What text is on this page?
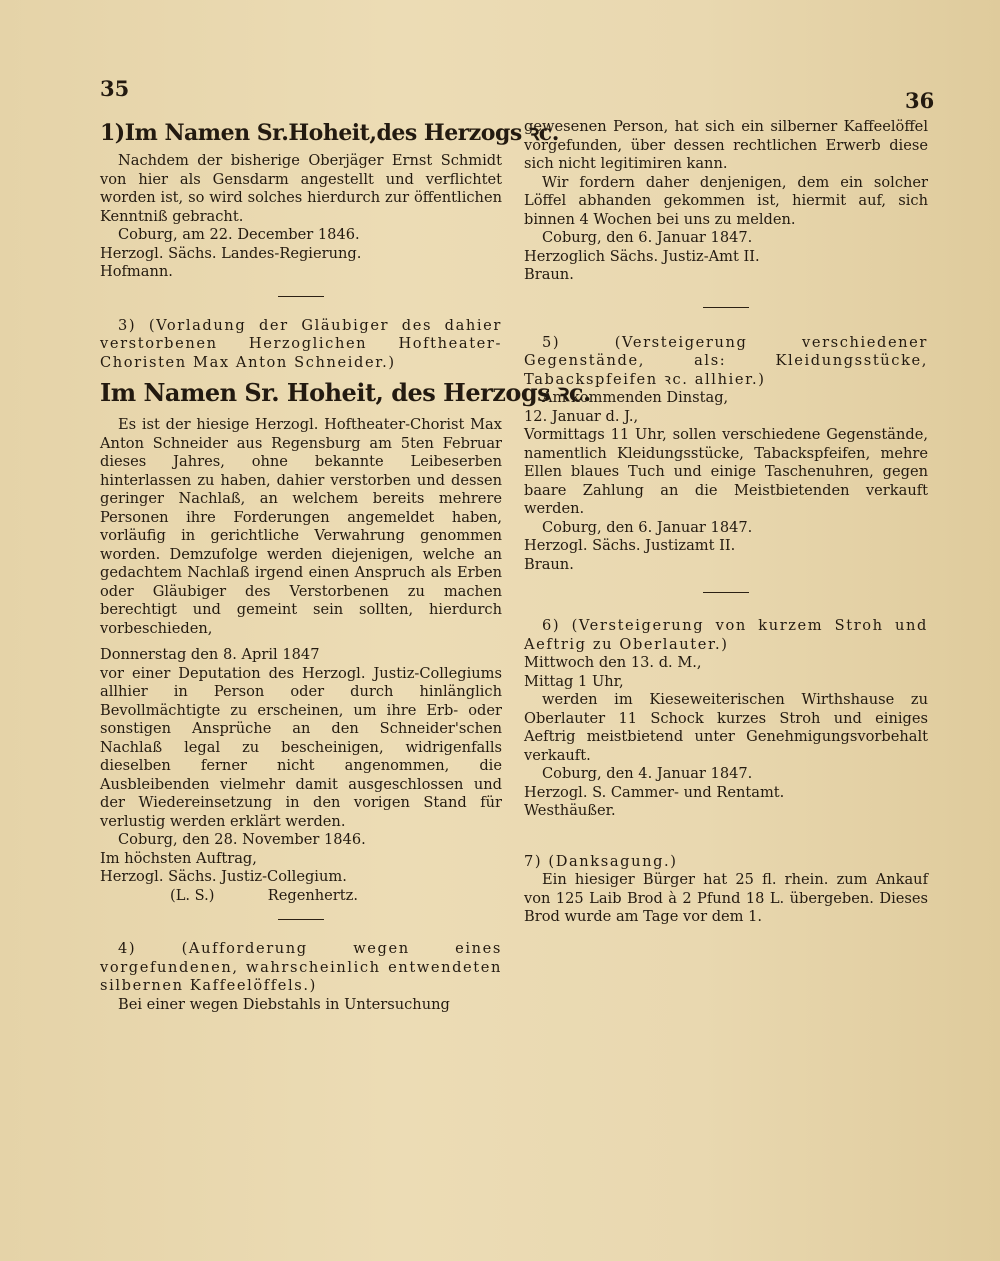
35	36
1)Im Namen Sr.Hoheit,des Herzogs ꝛc.

Nachdem der bisherige Oberjäger Ernst Schmidt von hier als Gensdarm angestellt und verflichtet worden ist, so wird solches hierdurch zur öffentlichen Kenntniß gebracht.

Coburg, am 22. December 1846.

Herzogl. Sächs. Landes-Regierung.

Hofmann.

3) (Vorladung der Gläubiger des dahier verstorbenen Herzoglichen Hoftheater-Choristen Max Anton Schneider.)

Im Namen Sr. Hoheit, des Herzogs ꝛc.

Es ist der hiesige Herzogl. Hoftheater-Chorist Max Anton Schneider aus Regensburg am 5ten Februar dieses Jahres, ohne bekannte Leibeserben hinterlassen zu haben, dahier verstorben und dessen geringer Nachlaß, an welchem bereits mehrere Personen ihre Forderungen angemeldet haben, vorläufig in gerichtliche Verwahrung genommen worden. Demzufolge werden diejenigen, welche an gedachtem Nachlaß irgend einen Anspruch als Erben oder Gläubiger des Verstorbenen zu machen berechtigt und gemeint sein sollten, hierdurch vorbeschieden,

Donnerstag den 8. April 1847

vor einer Deputation des Herzogl. Justiz-Collegiums allhier in Person oder durch hinlänglich Bevollmächtigte zu erscheinen, um ihre Erb- oder sonstigen Ansprüche an den Schneider'schen Nachlaß legal zu bescheinigen, widrigenfalls dieselben ferner nicht angenommen, die Ausbleibenden vielmehr damit ausgeschlossen und der Wiedereinsetzung in den vorigen Stand für verlustig werden erklärt werden.

Coburg, den 28. November 1846.

Im höchsten Auftrag,

Herzogl. Sächs. Justiz-Collegium.

(L. S.)	Regenhertz.

4) (Aufforderung wegen eines vorgefundenen, wahrscheinlich entwendeten silbernen Kaffeelöffels.)

Bei einer wegen Diebstahls in Untersuchung

gewesenen Person, hat sich ein silberner Kaffeelöffel vorgefunden, über dessen rechtlichen Erwerb diese sich nicht legitimiren kann.

Wir fordern daher denjenigen, dem ein solcher Löffel abhanden gekommen ist, hiermit auf, sich binnen 4 Wochen bei uns zu melden.

Coburg, den 6. Januar 1847.

Herzoglich Sächs. Justiz-Amt II.

Braun.

5) (Versteigerung verschiedener Gegenstände, als: Kleidungsstücke, Tabackspfeifen ꝛc. allhier.)

Am kommenden Dinstag,

12. Januar d. J.,

Vormittags 11 Uhr, sollen verschiedene Gegenstände, namentlich Kleidungsstücke, Tabackspfeifen, mehre Ellen blaues Tuch und einige Taschenuhren, gegen baare Zahlung an die Meistbietenden verkauft werden.

Coburg, den 6. Januar 1847.

Herzogl. Sächs. Justizamt II.

Braun.

6) (Versteigerung von kurzem Stroh und Aeftrig zu Oberlauter.)

Mittwoch den 13. d. M.,

Mittag 1 Uhr,

werden im Kieseweiterischen Wirthshause zu Oberlauter 11 Schock kurzes Stroh und einiges Aeftrig meistbietend unter Genehmigungsvorbehalt verkauft.

Coburg, den 4. Januar 1847.

Herzogl. S. Cammer- und Rentamt.

Westhäußer.

7) (Danksagung.)

Ein hiesiger Bürger hat 25 fl. rhein. zum Ankauf von 125 Laib Brod à 2 Pfund 18 L. übergeben. Dieses Brod wurde am Tage vor dem 1.
